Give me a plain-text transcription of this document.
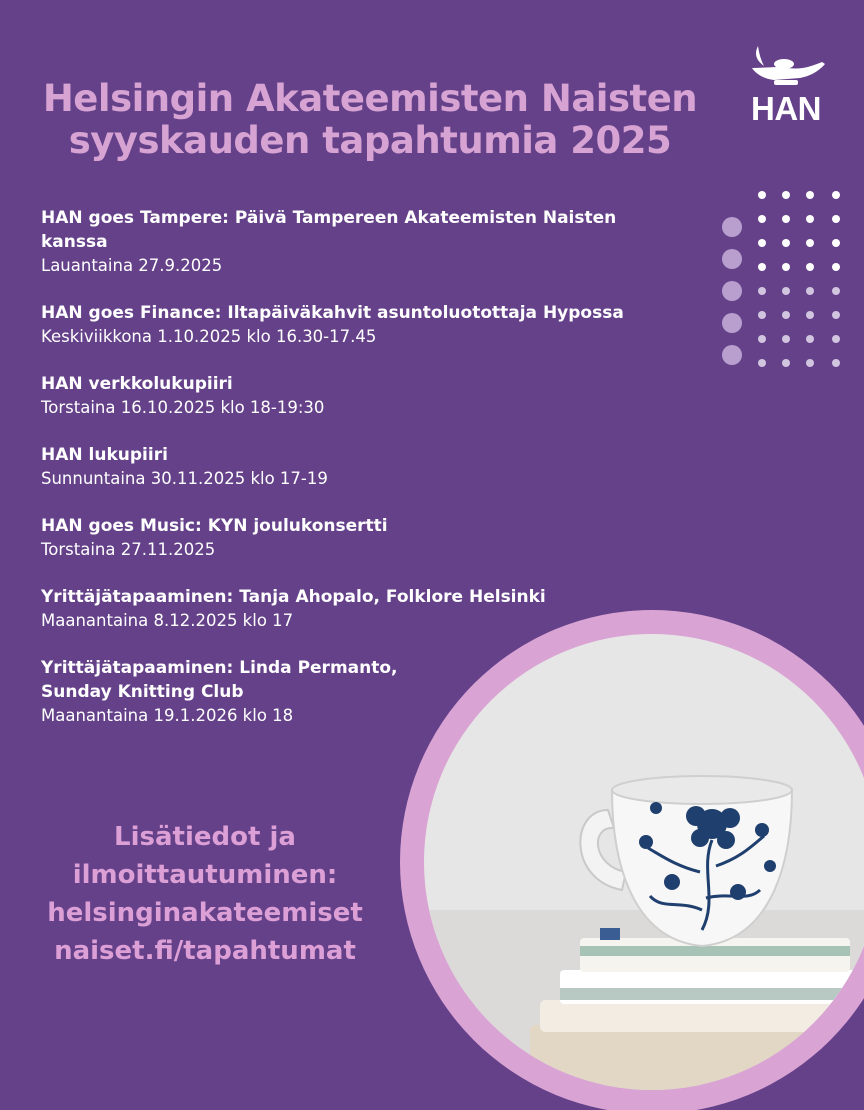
Helsingin Akateemisten Naisten
syyskauden tapahtumia 2025
HAN
HAN goes Tampere: Päivä Tampereen Akateemisten Naisten
kanssa
Lauantaina 27.9.2025
HAN goes Finance: Iltapäiväkahvit asuntoluotottaja Hypossa
Keskiviikkona 1.10.2025 klo 16.30-17.45
HAN verkkolukupiiri
Torstaina 16.10.2025 klo 18-19:30
HAN lukupiiri
Sunnuntaina 30.11.2025 klo 17-19
HAN goes Music: KYN joulukonsertti
Torstaina 27.11.2025
Yrittäjätapaaminen: Tanja Ahopalo, Folklore Helsinki
Maanantaina 8.12.2025 klo 17
Yrittäjätapaaminen: Linda Permanto,
Sunday Knitting Club
Maanantaina 19.1.2026 klo 18
Lisätiedot ja
ilmoittautuminen:
helsinginakateemiset
naiset.fi/tapahtumat
